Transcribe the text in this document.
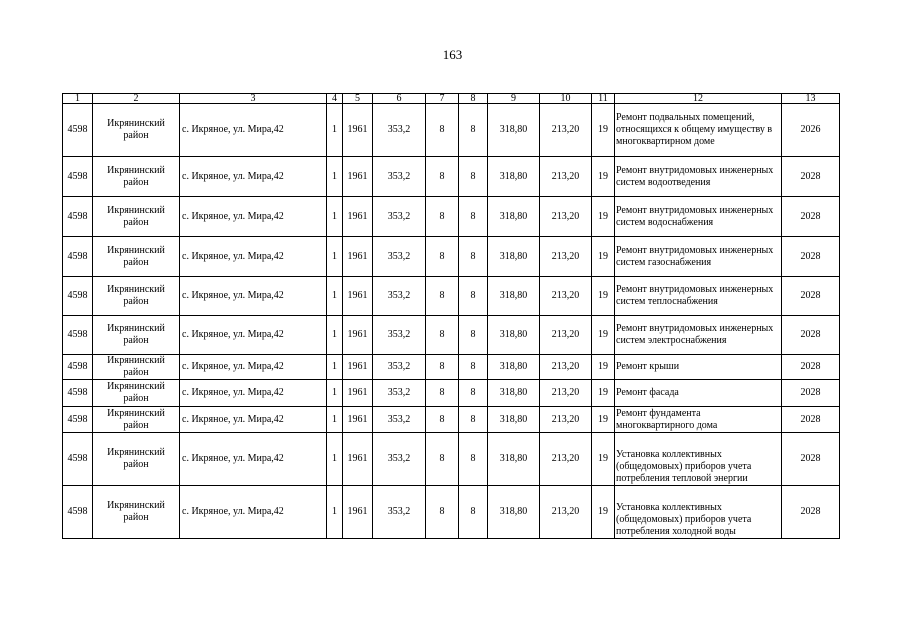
163
1	2	3	4	5	6	7	8	9	10	11	12	13
4598	Икрянинский район	с. Икряное, ул. Мира,42	1	1961	353,2	8	8	318,80	213,20	19	Ремонт подвальных помещений, относящихся к общему имуществу в многоквартирном доме	2026
4598	Икрянинский район	с. Икряное, ул. Мира,42	1	1961	353,2	8	8	318,80	213,20	19	Ремонт внутридомовых инженерных систем водоотведения	2028
4598	Икрянинский район	с. Икряное, ул. Мира,42	1	1961	353,2	8	8	318,80	213,20	19	Ремонт внутридомовых инженерных систем водоснабжения	2028
4598	Икрянинский район	с. Икряное, ул. Мира,42	1	1961	353,2	8	8	318,80	213,20	19	Ремонт внутридомовых инженерных систем газоснабжения	2028
4598	Икрянинский район	с. Икряное, ул. Мира,42	1	1961	353,2	8	8	318,80	213,20	19	Ремонт внутридомовых инженерных систем теплоснабжения	2028
4598	Икрянинский район	с. Икряное, ул. Мира,42	1	1961	353,2	8	8	318,80	213,20	19	Ремонт внутридомовых инженерных систем электроснабжения	2028
4598	Икрянинский район	с. Икряное, ул. Мира,42	1	1961	353,2	8	8	318,80	213,20	19	Ремонт крыши	2028
4598	Икрянинский район	с. Икряное, ул. Мира,42	1	1961	353,2	8	8	318,80	213,20	19	Ремонт фасада	2028
4598	Икрянинский район	с. Икряное, ул. Мира,42	1	1961	353,2	8	8	318,80	213,20	19	Ремонт фундамента многоквартирного дома	2028
4598	Икрянинский район	с. Икряное, ул. Мира,42	1	1961	353,2	8	8	318,80	213,20	19	Установка коллективных (общедомовых) приборов учета потребления тепловой энергии	2028
4598	Икрянинский район	с. Икряное, ул. Мира,42	1	1961	353,2	8	8	318,80	213,20	19	Установка коллективных (общедомовых) приборов учета потребления холодной воды	2028
